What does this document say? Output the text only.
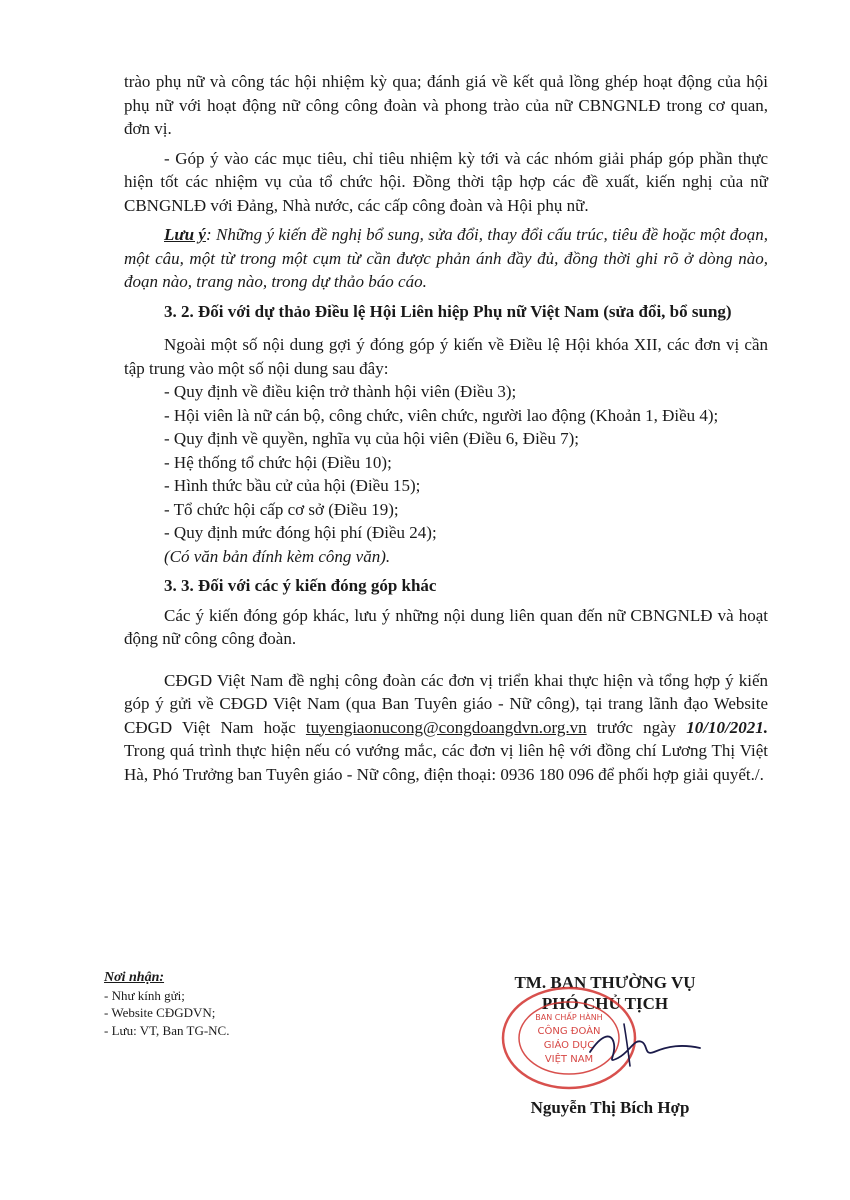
trào phụ nữ và công tác hội nhiệm kỳ qua; đánh giá về kết quả lồng ghép hoạt động của hội phụ nữ với hoạt động nữ công công đoàn và phong trào của nữ CBNGNLĐ trong cơ quan, đơn vị.

- Góp ý vào các mục tiêu, chỉ tiêu nhiệm kỳ tới và các nhóm giải pháp góp phần thực hiện tốt các nhiệm vụ của tổ chức hội. Đồng thời tập hợp các đề xuất, kiến nghị của nữ CBNGNLĐ với Đảng, Nhà nước, các cấp công đoàn và Hội phụ nữ.

Lưu ý: Những ý kiến đề nghị bổ sung, sửa đổi, thay đổi cấu trúc, tiêu đề hoặc một đoạn, một câu, một từ trong một cụm từ cần được phản ánh đầy đủ, đồng thời ghi rõ ở dòng nào, đoạn nào, trang nào, trong dự thảo báo cáo.

3. 2. Đối với dự thảo Điều lệ Hội Liên hiệp Phụ nữ Việt Nam (sửa đổi, bổ sung)

Ngoài một số nội dung gợi ý đóng góp ý kiến về Điều lệ Hội khóa XII, các đơn vị cần tập trung vào một số nội dung sau đây:

- Quy định về điều kiện trở thành hội viên (Điều 3);

- Hội viên là nữ cán bộ, công chức, viên chức, người lao động (Khoản 1, Điều 4);

- Quy định về quyền, nghĩa vụ của hội viên (Điều 6, Điều 7);

- Hệ thống tổ chức hội (Điều 10);

- Hình thức bầu cử của hội (Điều 15);

- Tổ chức hội cấp cơ sở (Điều 19);

- Quy định mức đóng hội phí (Điều 24);

(Có văn bản đính kèm công văn).

3. 3. Đối với các ý kiến đóng góp khác

Các ý kiến đóng góp khác, lưu ý những nội dung liên quan đến nữ CBNGNLĐ và hoạt động nữ công công đoàn.

CĐGD Việt Nam đề nghị công đoàn các đơn vị triển khai thực hiện và tổng hợp ý kiến góp ý gửi về CĐGD Việt Nam (qua Ban Tuyên giáo - Nữ công), tại trang lãnh đạo Website CĐGD Việt Nam hoặc tuyengiaonucong@congdoangdvn.org.vn trước ngày 10/10/2021. Trong quá trình thực hiện nếu có vướng mắc, các đơn vị liên hệ với đồng chí Lương Thị Việt Hà, Phó Trưởng ban Tuyên giáo - Nữ công, điện thoại: 0936 180 096 để phối hợp giải quyết./.

Nơi nhận:
- Như kính gửi;
- Website CĐGDVN;
- Lưu: VT, Ban TG-NC.
TM. BAN THƯỜNG VỤ
PHÓ CHỦ TỊCH
BAN CHẤP HÀNH
CÔNG ĐOÀN
GIÁO DỤC
VIỆT NAM
Nguyễn Thị Bích Hợp
